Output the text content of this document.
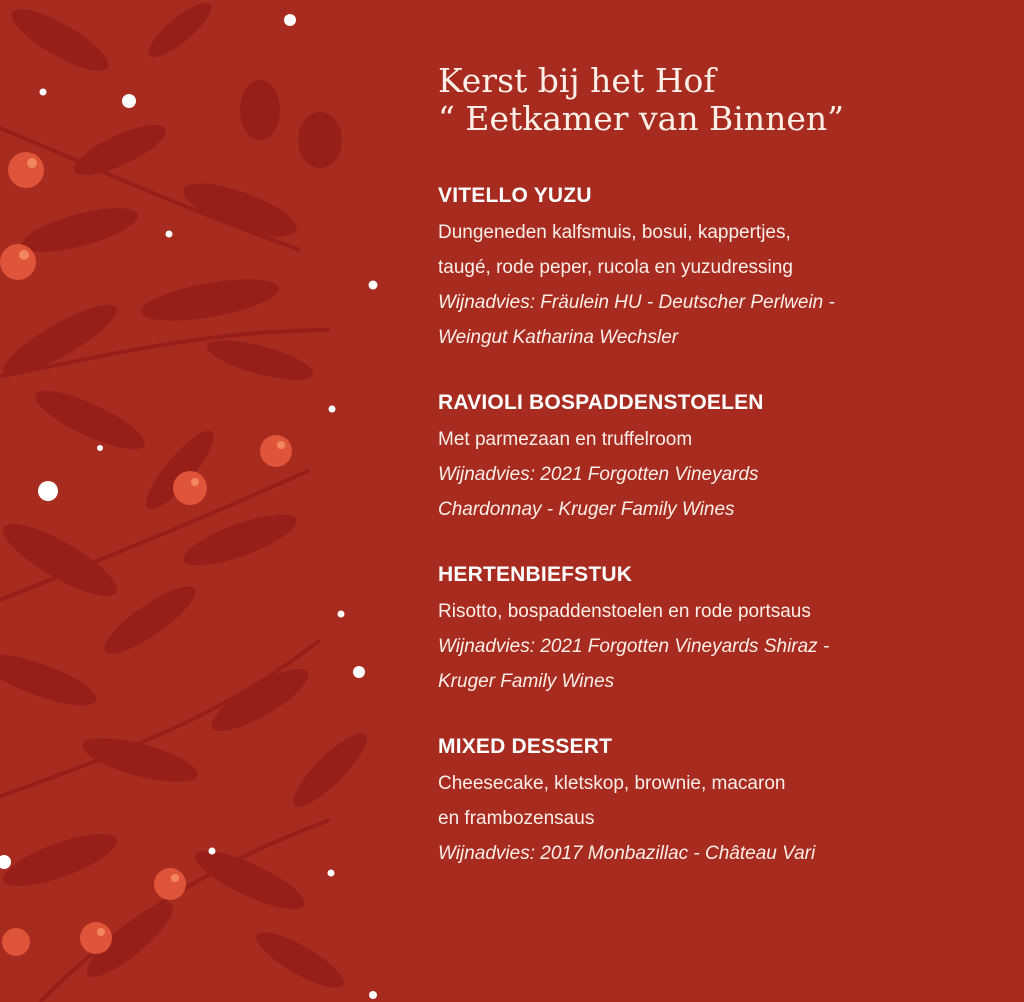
Kerst bij het Hof
“ Eetkamer van Binnen”
VITELLO YUZU
Dungeneden kalfsmuis, bosui, kappertjes,
taugé, rode peper, rucola en yuzudressing
Wijnadvies: Fräulein HU - Deutscher Perlwein -
Weingut Katharina Wechsler
RAVIOLI BOSPADDENSTOELEN
Met parmezaan en truffelroom
Wijnadvies: 2021 Forgotten Vineyards
Chardonnay - Kruger Family Wines
HERTENBIEFSTUK
Risotto, bospaddenstoelen en rode portsaus
Wijnadvies: 2021 Forgotten Vineyards Shiraz -
Kruger Family Wines
MIXED DESSERT
Cheesecake, kletskop, brownie, macaron
en frambozensaus
Wijnadvies: 2017 Monbazillac - Château Vari
